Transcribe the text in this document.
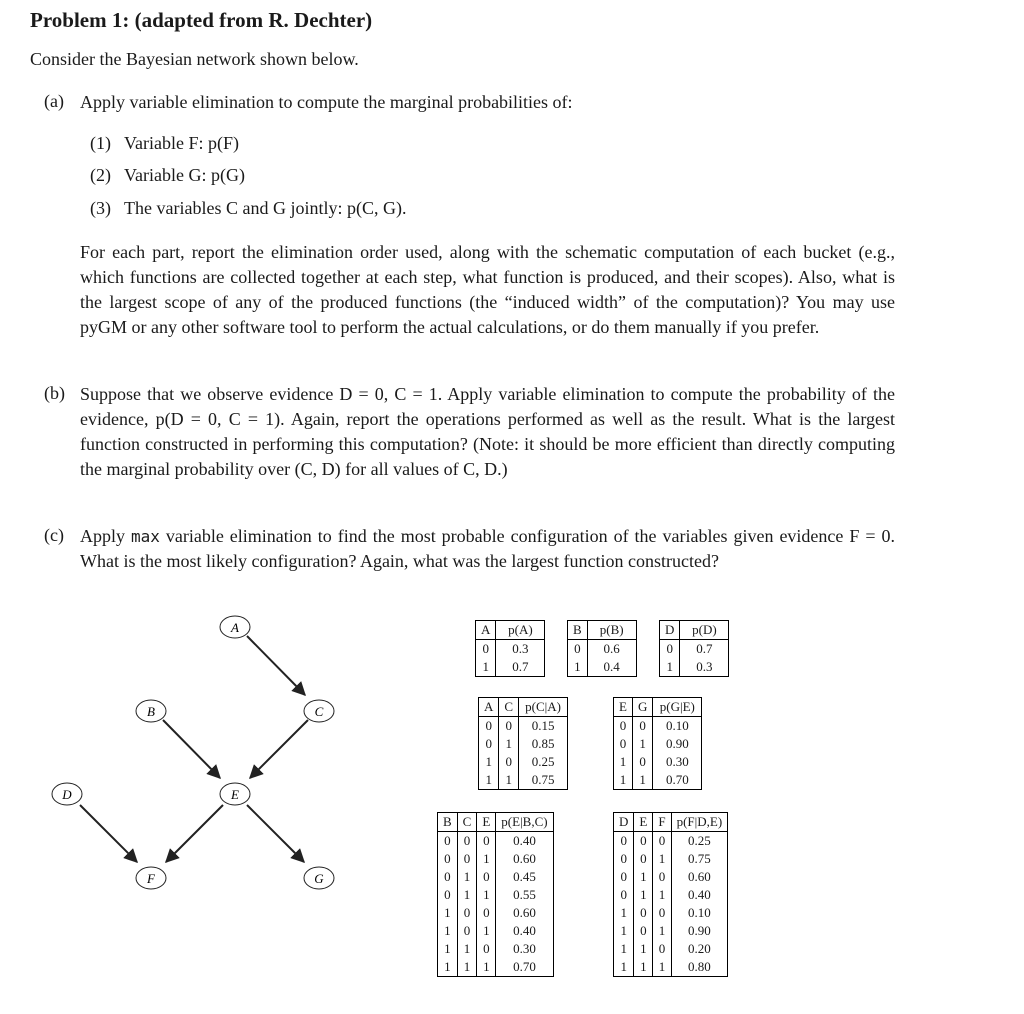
Problem 1: (adapted from R. Dechter)
Consider the Bayesian network shown below.
(a) Apply variable elimination to compute the marginal probabilities of:
(1) Variable F: p(F)
(2) Variable G: p(G)
(3) The variables C and G jointly: p(C, G).
For each part, report the elimination order used, along with the schematic computation of each bucket (e.g., which functions are collected together at each step, what function is produced, and their scopes). Also, what is the largest scope of any of the produced functions (the “induced width” of the computation)? You may use pyGM or any other software tool to perform the actual calculations, or do them manually if you prefer.
(b) Suppose that we observe evidence D = 0, C = 1. Apply variable elimination to compute the probability of the evidence, p(D = 0, C = 1). Again, report the operations performed as well as the result. What is the largest function constructed in performing this computation? (Note: it should be more efficient than directly computing the marginal probability over (C, D) for all values of C, D.)
(c) Apply max variable elimination to find the most probable configuration of the variables given evidence F = 0. What is the most likely configuration? Again, what was the largest function constructed?
A
B	C
D	E
F	G
A	p(A)
0	0.3
1	0.7
B	p(B)
0	0.6
1	0.4
D	p(D)
0	0.7
1	0.3
A	C	p(C|A)
0	0	0.15
0	1	0.85
1	0	0.25
1	1	0.75
E	G	p(G|E)
0	0	0.10
0	1	0.90
1	0	0.30
1	1	0.70
B	C	E	p(E|B,C)
0	0	0	0.40
0	0	1	0.60
0	1	0	0.45
0	1	1	0.55
1	0	0	0.60
1	0	1	0.40
1	1	0	0.30
1	1	1	0.70
D	E	F	p(F|D,E)
0	0	0	0.25
0	0	1	0.75
0	1	0	0.60
0	1	1	0.40
1	0	0	0.10
1	0	1	0.90
1	1	0	0.20
1	1	1	0.80
